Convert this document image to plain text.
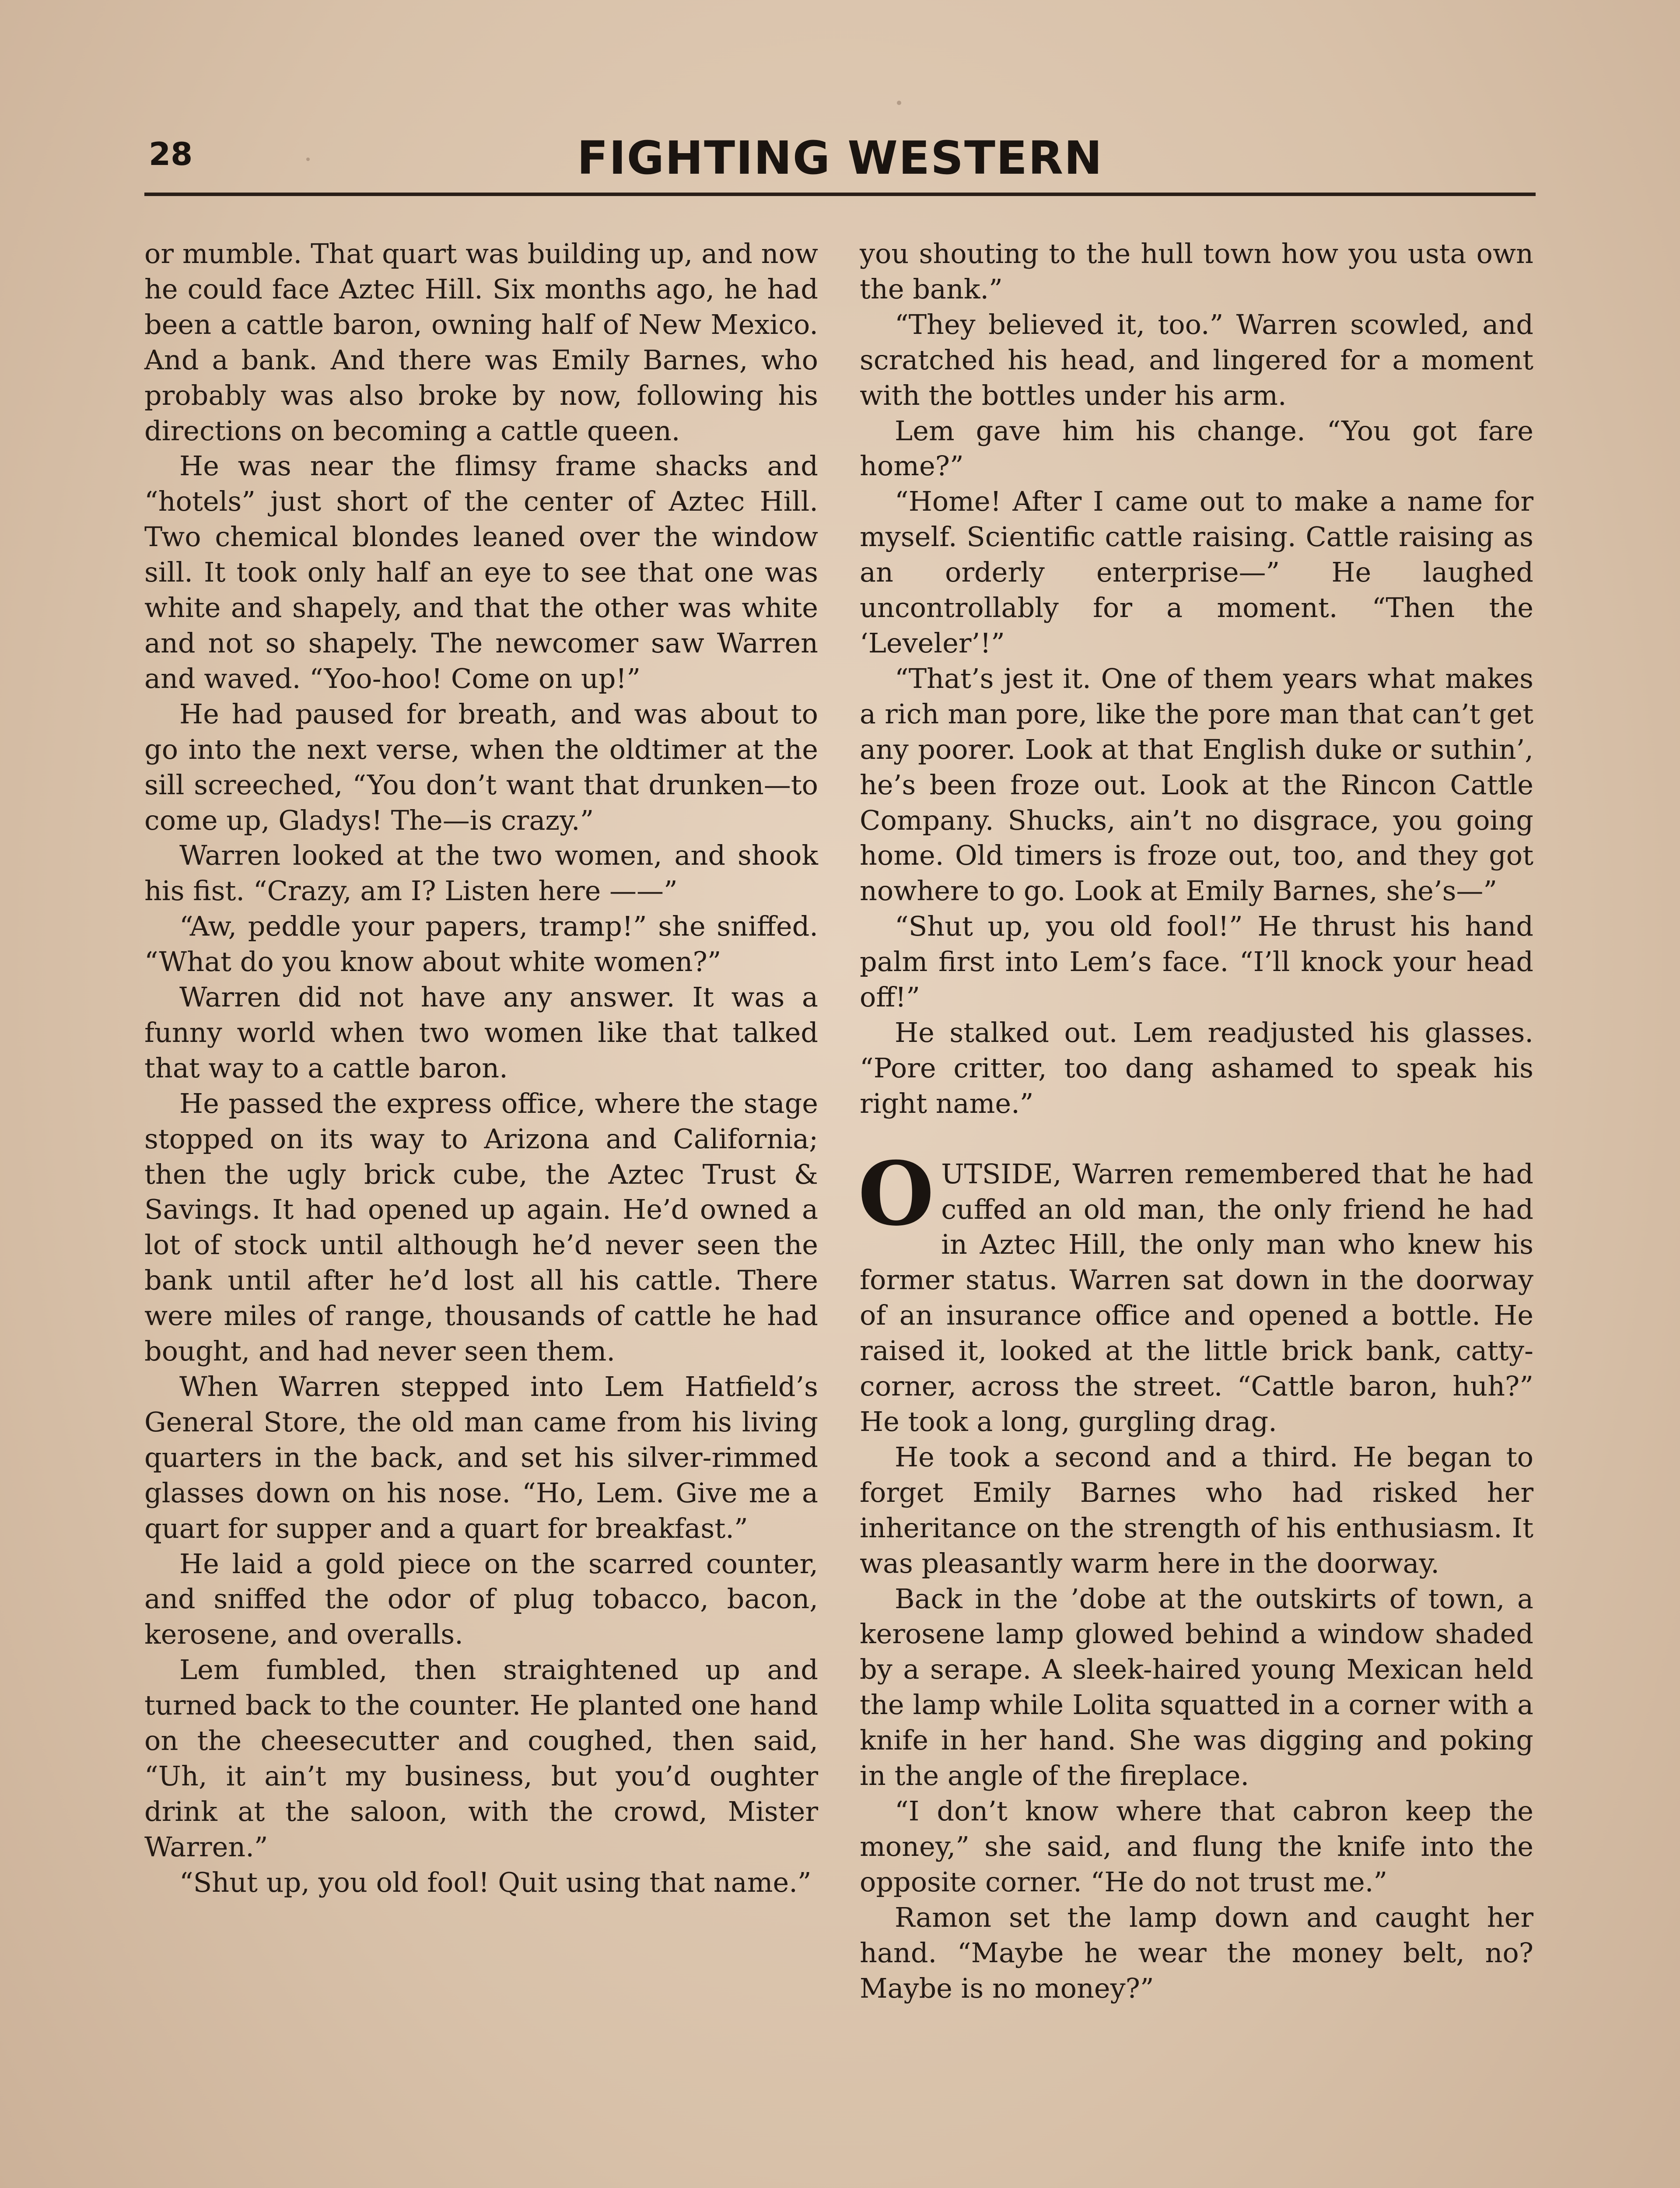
28	FIGHTING WESTERN

or mumble. That quart was building up, and now he could face Aztec Hill. Six months ago, he had been a cattle baron, owning half of New Mexico. And a bank. And there was Emily Barnes, who probably was also broke by now, following his directions on becoming a cattle queen.

He was near the flimsy frame shacks and “hotels” just short of the center of Aztec Hill. Two chemical blondes leaned over the window sill. It took only half an eye to see that one was white and shapely, and that the other was white and not so shapely. The newcomer saw Warren and waved. “Yoo-hoo! Come on up!”

He had paused for breath, and was about to go into the next verse, when the oldtimer at the sill screeched, “You don’t want that drunken—to come up, Gladys! The—is crazy.”

Warren looked at the two women, and shook his fist. “Crazy, am I? Listen here ——”

“Aw, peddle your papers, tramp!” she sniffed. “What do you know about white women?”

Warren did not have any answer. It was a funny world when two women like that talked that way to a cattle baron.

He passed the express office, where the stage stopped on its way to Arizona and California; then the ugly brick cube, the Aztec Trust & Savings. It had opened up again. He’d owned a lot of stock until although he’d never seen the bank until after he’d lost all his cattle. There were miles of range, thousands of cattle he had bought, and had never seen them.

When Warren stepped into Lem Hatfield’s General Store, the old man came from his living quarters in the back, and set his silver-rimmed glasses down on his nose. “Ho, Lem. Give me a quart for supper and a quart for breakfast.”

He laid a gold piece on the scarred counter, and sniffed the odor of plug tobacco, bacon, kerosene, and overalls.

Lem fumbled, then straightened up and turned back to the counter. He planted one hand on the cheesecutter and coughed, then said, “Uh, it ain’t my business, but you’d oughter drink at the saloon, with the crowd, Mister Warren.”

“Shut up, you old fool! Quit using that name.”

you shouting to the hull town how you usta own the bank.”

“They believed it, too.” Warren scowled, and scratched his head, and lingered for a moment with the bottles under his arm.

Lem gave him his change. “You got fare home?”

“Home! After I came out to make a name for myself. Scientific cattle raising. Cattle raising as an orderly enterprise—” He laughed uncontrollably for a moment. “Then the ‘Leveler’!”

“That’s jest it. One of them years what makes a rich man pore, like the pore man that can’t get any poorer. Look at that English duke or suthin’, he’s been froze out. Look at the Rincon Cattle Company. Shucks, ain’t no disgrace, you going home. Old timers is froze out, too, and they got nowhere to go. Look at Emily Barnes, she’s—”

“Shut up, you old fool!” He thrust his hand palm first into Lem’s face. “I’ll knock your head off!”

He stalked out. Lem readjusted his glasses. “Pore critter, too dang ashamed to speak his right name.”

OUTSIDE, Warren remembered that he had cuffed an old man, the only friend he had in Aztec Hill, the only man who knew his former status. Warren sat down in the doorway of an insurance office and opened a bottle. He raised it, looked at the little brick bank, catty-corner, across the street. “Cattle baron, huh?” He took a long, gurgling drag.

He took a second and a third. He began to forget Emily Barnes who had risked her inheritance on the strength of his enthusiasm. It was pleasantly warm here in the doorway.

Back in the ’dobe at the outskirts of town, a kerosene lamp glowed behind a window shaded by a serape. A sleek-haired young Mexican held the lamp while Lolita squatted in a corner with a knife in her hand. She was digging and poking in the angle of the fireplace.

“I don’t know where that cabron keep the money,” she said, and flung the knife into the opposite corner. “He do not trust me.”

Ramon set the lamp down and caught her hand. “Maybe he wear the money belt, no? Maybe is no money?”
